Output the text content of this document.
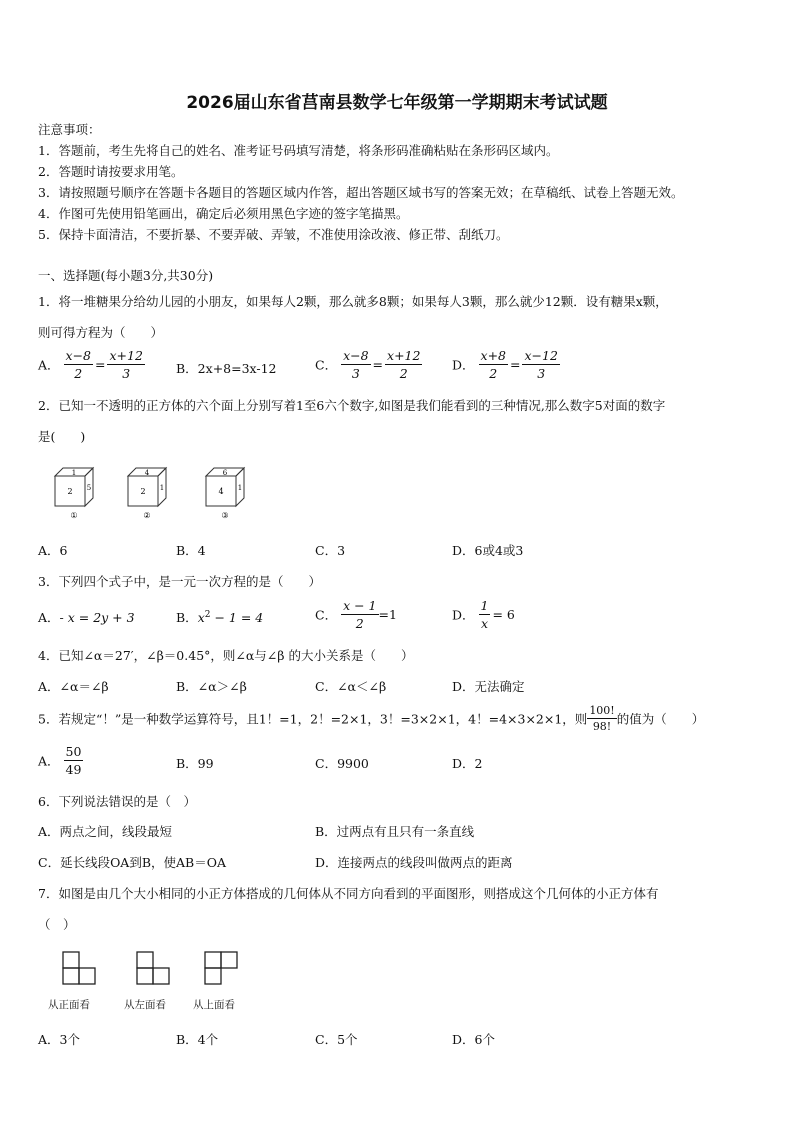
2026届山东省莒南县数学七年级第一学期期末考试试题
注意事项：
1．答题前，考生先将自己的姓名、准考证号码填写清楚，将条形码准确粘贴在条形码区域内。
2．答题时请按要求用笔。
3．请按照题号顺序在答题卡各题目的答题区域内作答，超出答题区域书写的答案无效；在草稿纸、试卷上答题无效。
4．作图可先使用铅笔画出，确定后必须用黑色字迹的签字笔描黑。
5．保持卡面清洁，不要折暴、不要弄破、弄皱，不准使用涂改液、修正带、刮纸刀。
一、选择题(每小题3分,共30分)
1．将一堆糖果分给幼儿园的小朋友，如果每人2颗，那么就多8颗；如果每人3颗，那么就少12颗．设有糖果x颗，
则可得方程为（　　）
A． $\frac{x-8}{2} = \frac{x+12}{3}$ B．2x+8=3x-12	C． $\frac{x-8}{3} = \frac{x+12}{2}$ D． $\frac{x+8}{2} = \frac{x-12}{3}$
2．已知一不透明的正方体的六个面上分别写着1至6六个数字,如图是我们能看到的三种情况,那么数字5对面的数字
是(　　)
1
2 5
①
4
2 1
②
6
4 1
③
A．6	B．4	C．3	D．6或4或3
3．下列四个式子中，是一元一次方程的是（　　）
A．- x = 2y + 3	B．$x^2 - 1 = 4$	C． $\frac{x - 1}{2} =1$	D． $\frac{1}{x} = 6$
4．已知∠α＝27′，∠β＝0.45°，则∠α与∠β 的大小关系是（　　）
A．∠α＝∠β	B．∠α＞∠β	C．∠α＜∠β	D．无法确定
5．若规定“！”是一种数学运算符号，且1！=1，2！=2×1，3！=3×2×1，4！=4×3×2×1，则 $\frac{100!}{98!}$ 的值为（　　）
A． $\frac{50}{49}$	B．99	C．9900	D．2
6．下列说法错误的是（　）
A．两点之间，线段最短	B．过两点有且只有一条直线
C．延长线段OA到B，使AB＝OA	D．连接两点的线段叫做两点的距离
7．如图是由几个大小相同的小正方体搭成的几何体从不同方向看到的平面图形，则搭成这个几何体的小正方体有
（　）
从正面看	从左面看	从上面看
A．3个	B．4个	C．5个	D．6个
